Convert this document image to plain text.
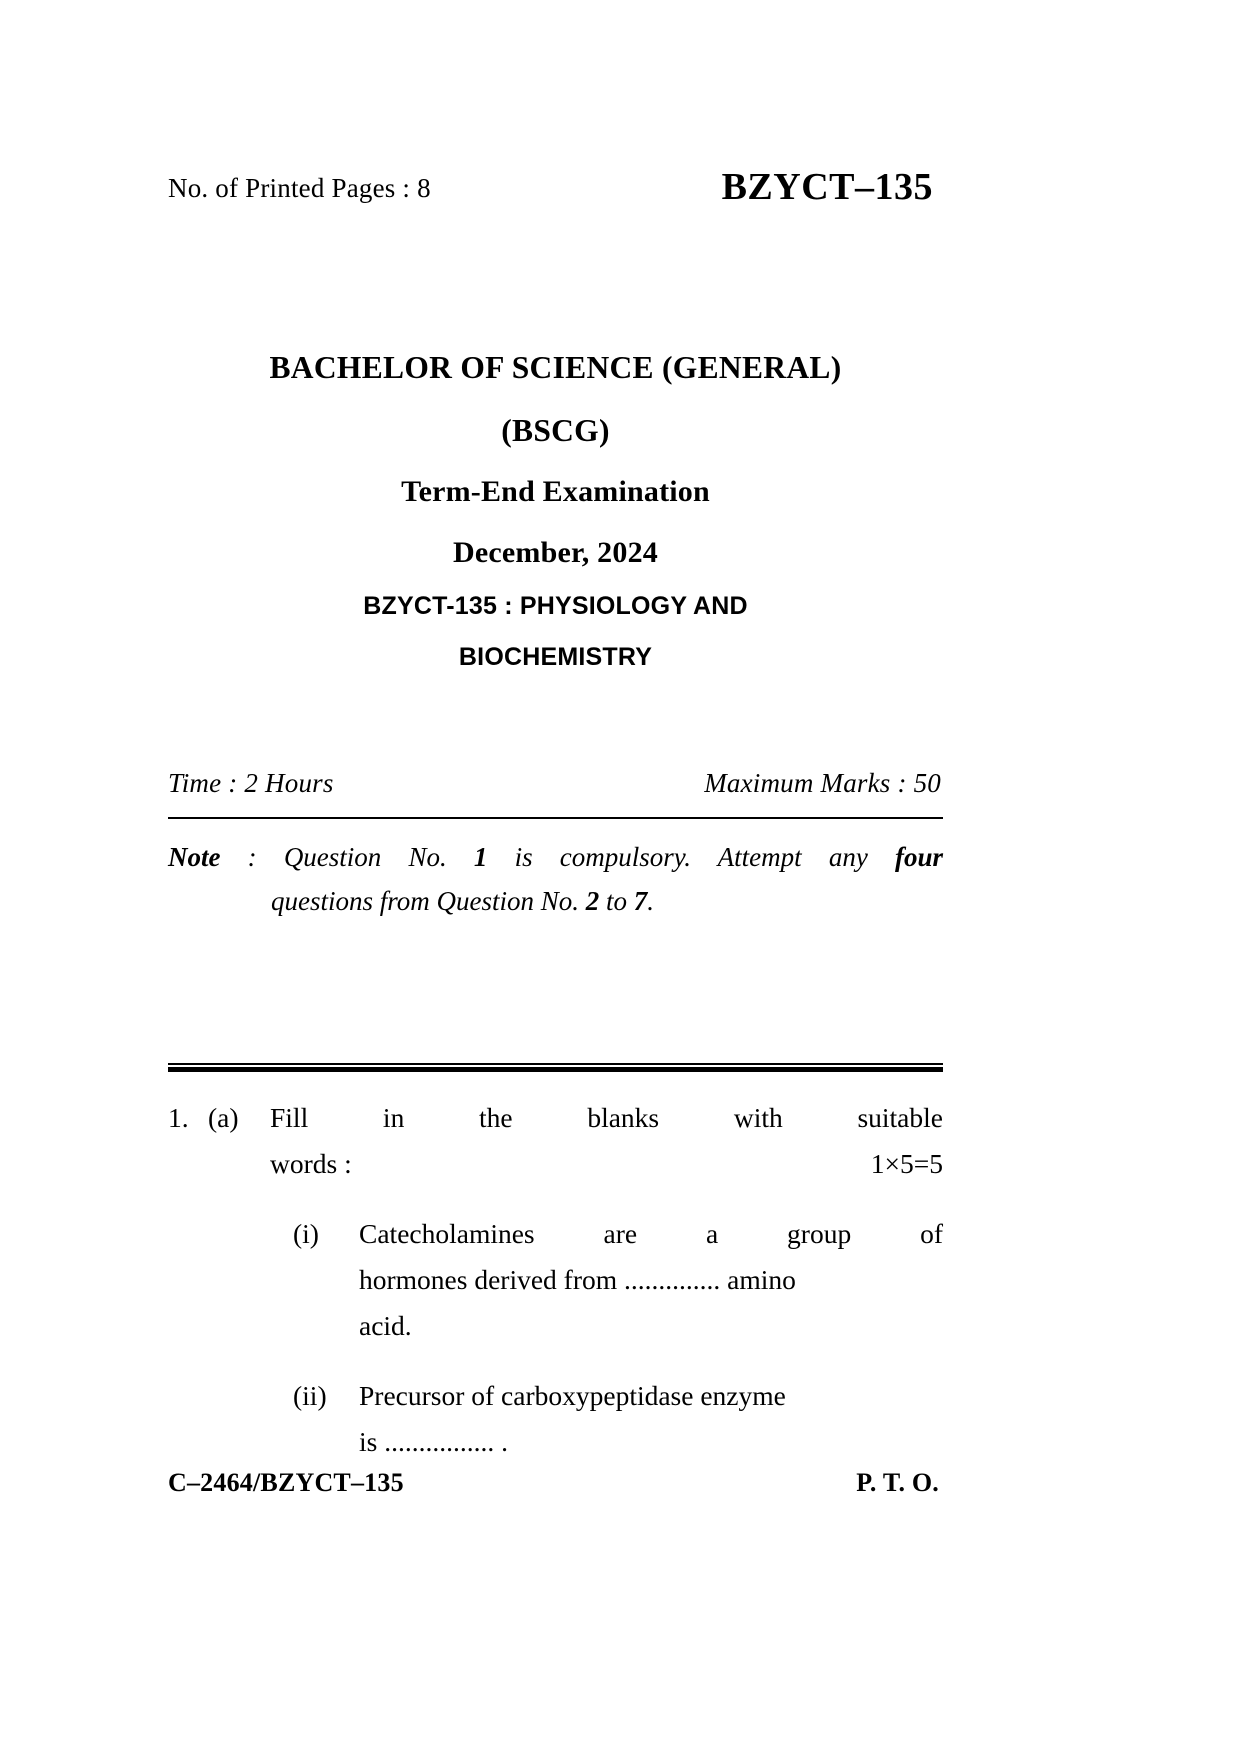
No. of Printed Pages : 8	BZYCT–135
BACHELOR OF SCIENCE (GENERAL)
(BSCG)
Term-End Examination
December, 2024
BZYCT-135 : PHYSIOLOGY AND
BIOCHEMISTRY
Time : 2 Hours	Maximum Marks : 50
Note : Question No. 1 is compulsory. Attempt any four
questions from Question No. 2 to 7.
1. (a)	Fill in the blanks with suitable
words :	1×5=5
(i)	Catecholamines are a group of
hormones derived from .............. amino
acid.
(ii)	Precursor of carboxypeptidase enzyme
is ................ .
C–2464/BZYCT–135	P. T. O.
